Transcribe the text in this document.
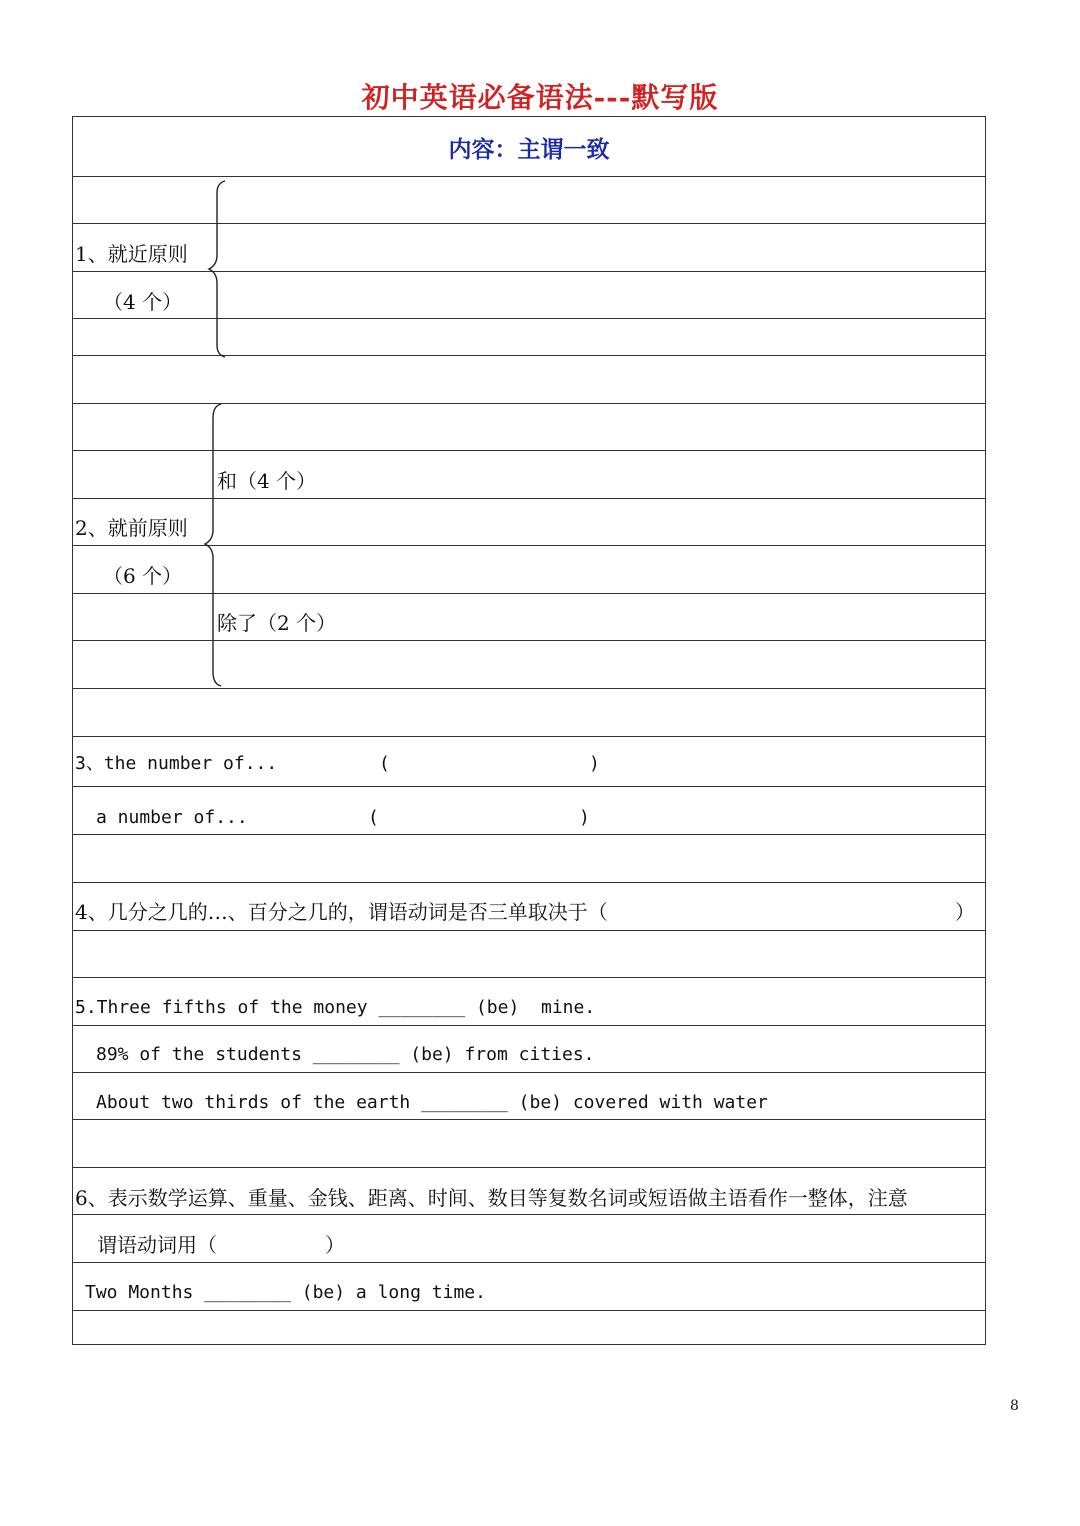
初中英语必备语法---默写版
内容：主谓一致
1、就近原则
（4 个）
和（4 个）
2、就前原则
（6 个）
除了（2 个）
3、the number of...	(	)
a number of...	(	)
4、几分之几的…、百分之几的，谓语动词是否三单取决于（	）
5.Three fifths of the money ________ (be)  mine.
89% of the students ________ (be) from cities.
About two thirds of the earth ________ (be) covered with water
6、表示数学运算、重量、金钱、距离、时间、数目等复数名词或短语做主语看作一整体，注意
谓语动词用（	）
Two Months ________ (be) a long time.
8
